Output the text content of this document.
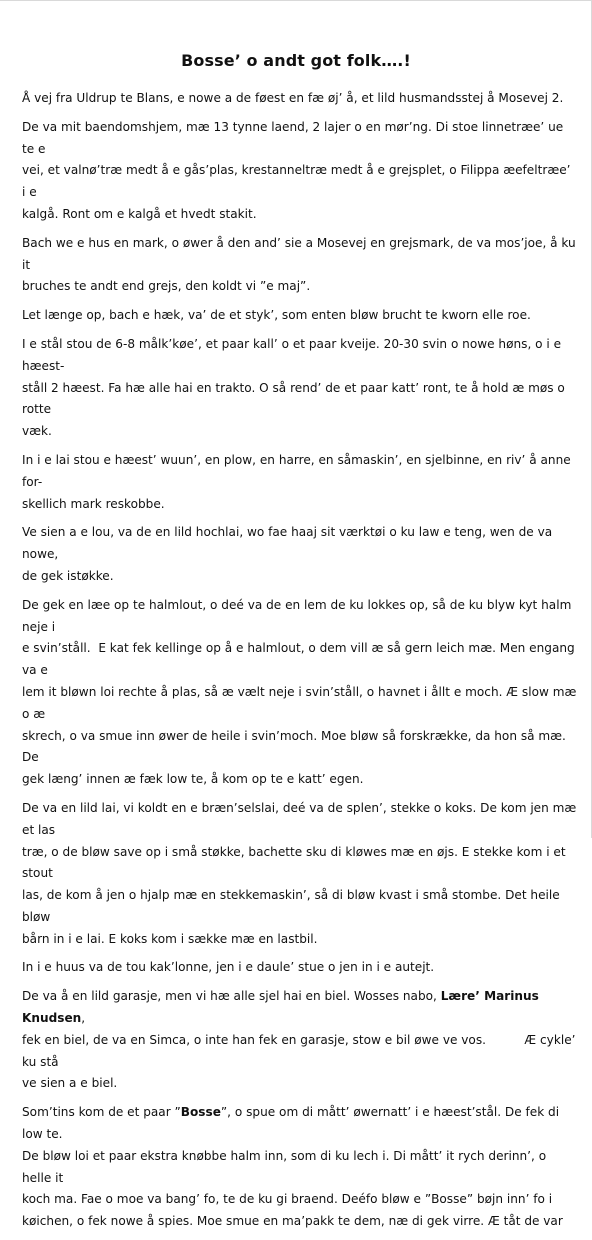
Bosse’ o andt got folk….!

Å vej fra Uldrup te Blans, e nowe a de føest en fæ øj’ å, et lild husmandsstej å Mosevej 2.

De va mit baendomshjem, mæ 13 tynne laend, 2 lajer o en mør’ng. Di stoe linnetræe’ ue te e
vei, et valnø’træ medt å e gås’plas, krestanneltræ medt å e grejsplet, o Filippa æefeltræe’ i e
kalgå. Ront om e kalgå et hvedt stakit.

Bach we e hus en mark, o øwer å den and’ sie a Mosevej en grejsmark, de va mos’joe, å ku it
bruches te andt end grejs, den koldt vi ”e maj”.

Let længe op, bach e hæk, va’ de et styk’, som enten bløw brucht te kworn elle roe.

I e stål stou de 6-8 målk’køe’, et paar kall’ o et paar kveije. 20-30 svin o nowe høns, o i e hæest-
ståll 2 hæest. Fa hæ alle hai en trakto. O så rend’ de et paar katt’ ront, te å hold æ møs o rotte
væk.

In i e lai stou e hæest’ wuun’, en plow, en harre, en såmaskin’, en sjelbinne, en riv’ å anne for-
skellich mark reskobbe.

Ve sien a e lou, va de en lild hochlai, wo fae haaj sit værktøi o ku law e teng, wen de va nowe,
de gek istøkke.

De gek en læe op te halmlout, o deé va de en lem de ku lokkes op, så de ku blyw kyt halm neje i
e svin’ståll.  E kat fek kellinge op å e halmlout, o dem vill æ så gern leich mæ. Men engang va e
lem it bløwn loi rechte å plas, så æ vælt neje i svin’ståll, o havnet i ållt e moch. Æ slow mæ o æ
skrech, o va smue inn øwer de heile i svin’moch. Moe bløw så forskrække, da hon så mæ. De
gek læng’ innen æ fæk low te, å kom op te e katt’ egen.

De va en lild lai, vi koldt en e bræn’selslai, deé va de splen’, stekke o koks. De kom jen mæ et las
træ, o de bløw save op i små støkke, bachette sku di kløwes mæ en øjs. E stekke kom i et stout
las, de kom å jen o hjalp mæ en stekkemaskin’, så di bløw kvast i små stombe. Det heile bløw
bårn in i e lai. E koks kom i sække mæ en lastbil.

In i e huus va de tou kak’lonne, jen i e daule’ stue o jen in i e autejt.

De va å en lild garasje, men vi hæ alle sjel hai en biel. Wosses nabo, Lære’ Marinus Knudsen,
fek en biel, de va en Simca, o inte han fek en garasje, stow e bil øwe ve vos.          Æ cykle’ ku stå
ve sien a e biel.

Som’tins kom de et paar ”Bosse”, o spue om di mått’ øwernatt’ i e hæest’stål. De fek di low te.
De bløw loi et paar ekstra knøbbe halm inn, som di ku lech i. Di mått’ it rych derinn’, o helle it
koch ma. Fae o moe va bang’ fo, te de ku gi braend. Deéfo bløw e ”Bosse” bøjn inn’ fo i
køichen, o fek nowe å spies. Moe smue en ma’pakk te dem, næ di gek virre. Æ tåt de var
